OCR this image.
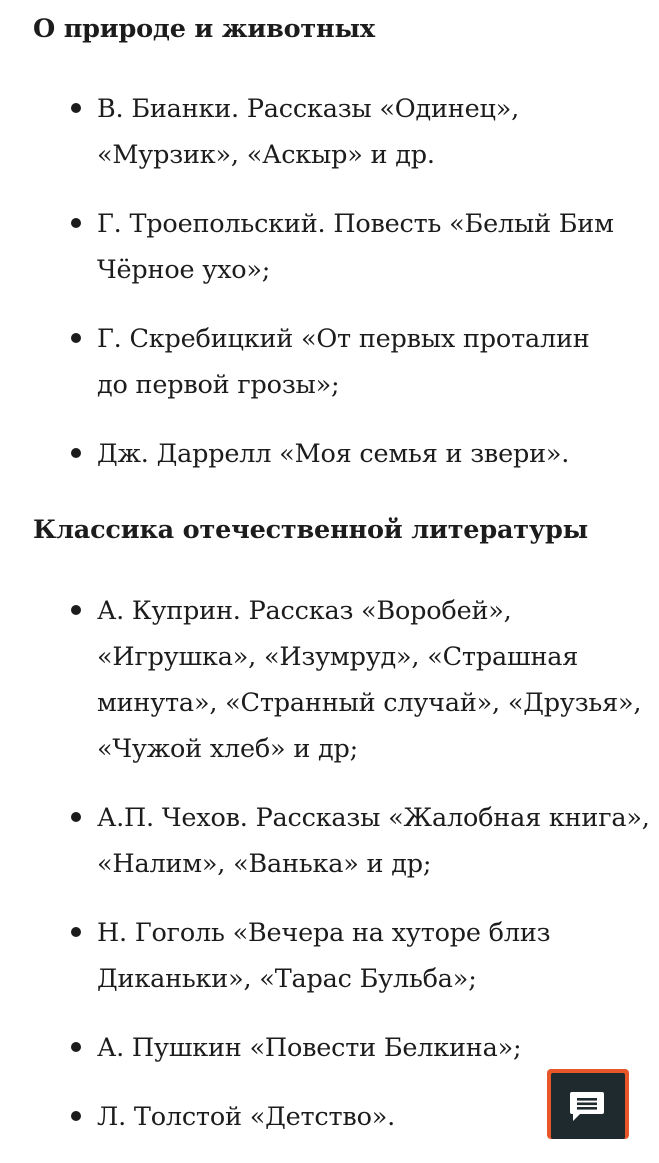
О природе и животных
В. Бианки. Рассказы «Одинец»,
«Мурзик», «Аскыр» и др.
Г. Троепольский. Повесть «Белый Бим
Чёрное ухо»;
Г. Скребицкий «От первых проталин
до первой грозы»;
Дж. Даррелл «Моя семья и звери».
Классика отечественной литературы
А. Куприн. Рассказ «Воробей»,
«Игрушка», «Изумруд», «Страшная
минута», «Странный случай», «Друзья»,
«Чужой хлеб» и др;
А.П. Чехов. Рассказы «Жалобная книга»,
«Налим», «Ванька» и др;
Н. Гоголь «Вечера на хуторе близ
Диканьки», «Тарас Бульба»;
А. Пушкин «Повести Белкина»;
Л. Толстой «Детство».
